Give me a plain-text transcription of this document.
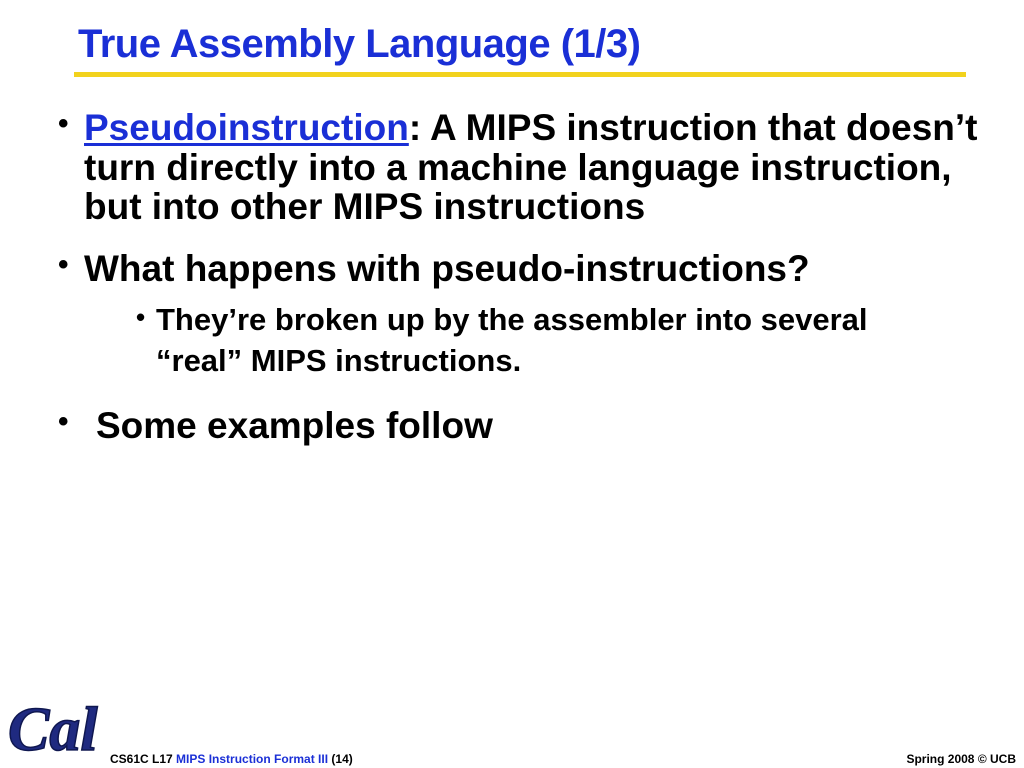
True Assembly Language (1/3)
• Pseudoinstruction: A MIPS instruction that doesn’t turn directly into a machine language instruction, but into other MIPS instructions
• What happens with pseudo-instructions?
• They’re broken up by the assembler into several “real” MIPS instructions.
• Some examples follow
Cal CS61C L17 MIPS Instruction Format III (14)	Spring 2008 © UCB
